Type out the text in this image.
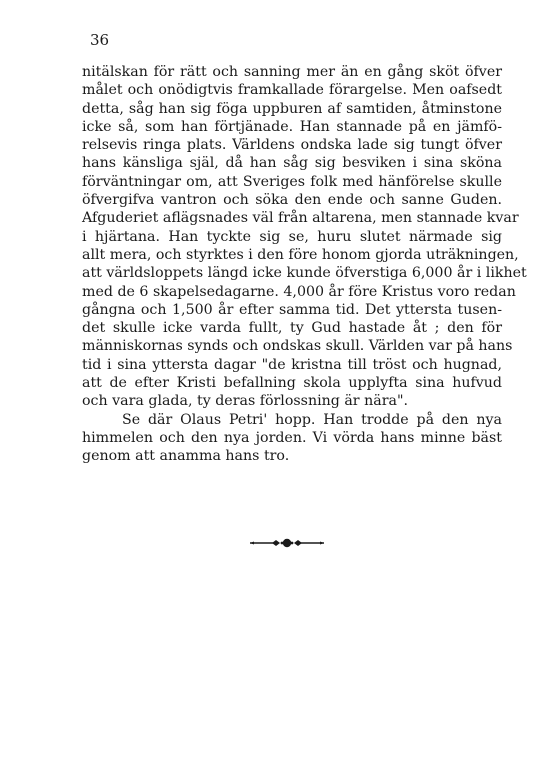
36
nitälskan för rätt och sanning mer än en gång sköt öfver
målet och onödigtvis framkallade förargelse. Men oafsedt
detta, såg han sig föga uppburen af samtiden, åtminstone
icke så, som han förtjänade. Han stannade på en jämfö-
relsevis ringa plats. Världens ondska lade sig tungt öfver
hans känsliga själ, då han såg sig besviken i sina sköna
förväntningar om, att Sveriges folk med hänförelse skulle
öfvergifva vantron och söka den ende och sanne Guden.
Afguderiet aflägsnades väl från altarena, men stannade kvar
i hjärtana. Han tyckte sig se, huru slutet närmade sig
allt mera, och styrktes i den före honom gjorda uträkningen,
att världsloppets längd icke kunde öfverstiga 6,000 år i likhet
med de 6 skapelsedagarne. 4,000 år före Kristus voro redan
gångna och 1,500 år efter samma tid. Det yttersta tusen-
det skulle icke varda fullt, ty Gud hastade åt ; den för
människornas synds och ondskas skull. Världen var på hans
tid i sina yttersta dagar "de kristna till tröst och hugnad,
att de efter Kristi befallning skola upplyfta sina hufvud
och vara glada, ty deras förlossning är nära".
Se där Olaus Petri' hopp. Han trodde på den nya
himmelen och den nya jorden. Vi vörda hans minne bäst
genom att anamma hans tro.
